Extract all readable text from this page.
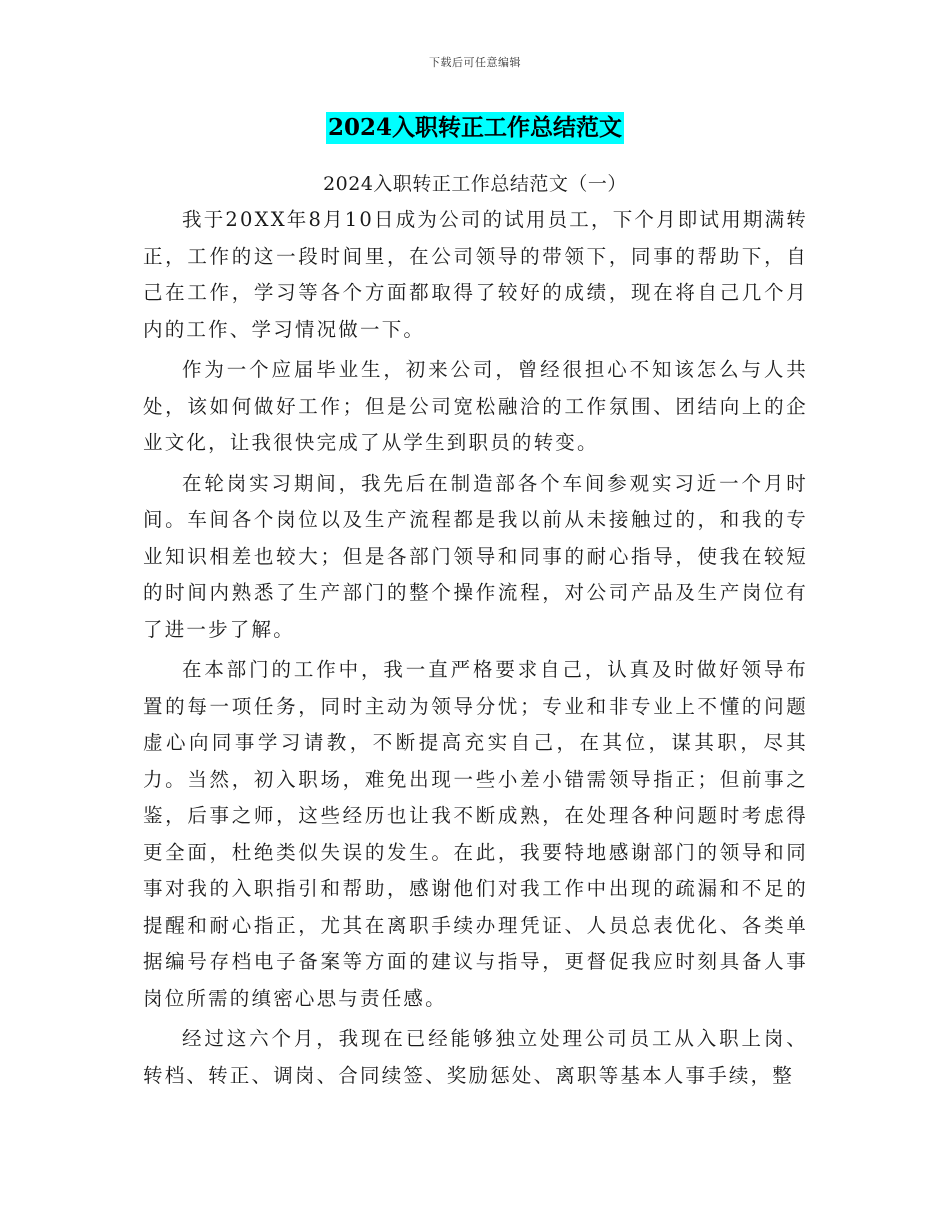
下载后可任意编辑
2024入职转正工作总结范文
2024入职转正工作总结范文（一）

我于20XX年8月10日成为公司的试用员工，下个月即试用期满转正，工作的这一段时间里，在公司领导的带领下，同事的帮助下，自己在工作，学习等各个方面都取得了较好的成绩，现在将自己几个月内的工作、学习情况做一下。

作为一个应届毕业生，初来公司，曾经很担心不知该怎么与人共处，该如何做好工作；但是公司宽松融洽的工作氛围、团结向上的企业文化，让我很快完成了从学生到职员的转变。

在轮岗实习期间，我先后在制造部各个车间参观实习近一个月时间。车间各个岗位以及生产流程都是我以前从未接触过的，和我的专业知识相差也较大；但是各部门领导和同事的耐心指导，使我在较短的时间内熟悉了生产部门的整个操作流程，对公司产品及生产岗位有了进一步了解。

在本部门的工作中，我一直严格要求自己，认真及时做好领导布置的每一项任务，同时主动为领导分忧；专业和非专业上不懂的问题虚心向同事学习请教，不断提高充实自己，在其位，谋其职，尽其力。当然，初入职场，难免出现一些小差小错需领导指正；但前事之鉴，后事之师，这些经历也让我不断成熟，在处理各种问题时考虑得更全面，杜绝类似失误的发生。在此，我要特地感谢部门的领导和同事对我的入职指引和帮助，感谢他们对我工作中出现的疏漏和不足的提醒和耐心指正，尤其在离职手续办理凭证、人员总表优化、各类单据编号存档电子备案等方面的建议与指导，更督促我应时刻具备人事岗位所需的缜密心思与责任感。

经过这六个月，我现在已经能够独立处理公司员工从入职上岗、转档、转正、调岗、合同续签、奖励惩处、离职等基本人事手续，整
